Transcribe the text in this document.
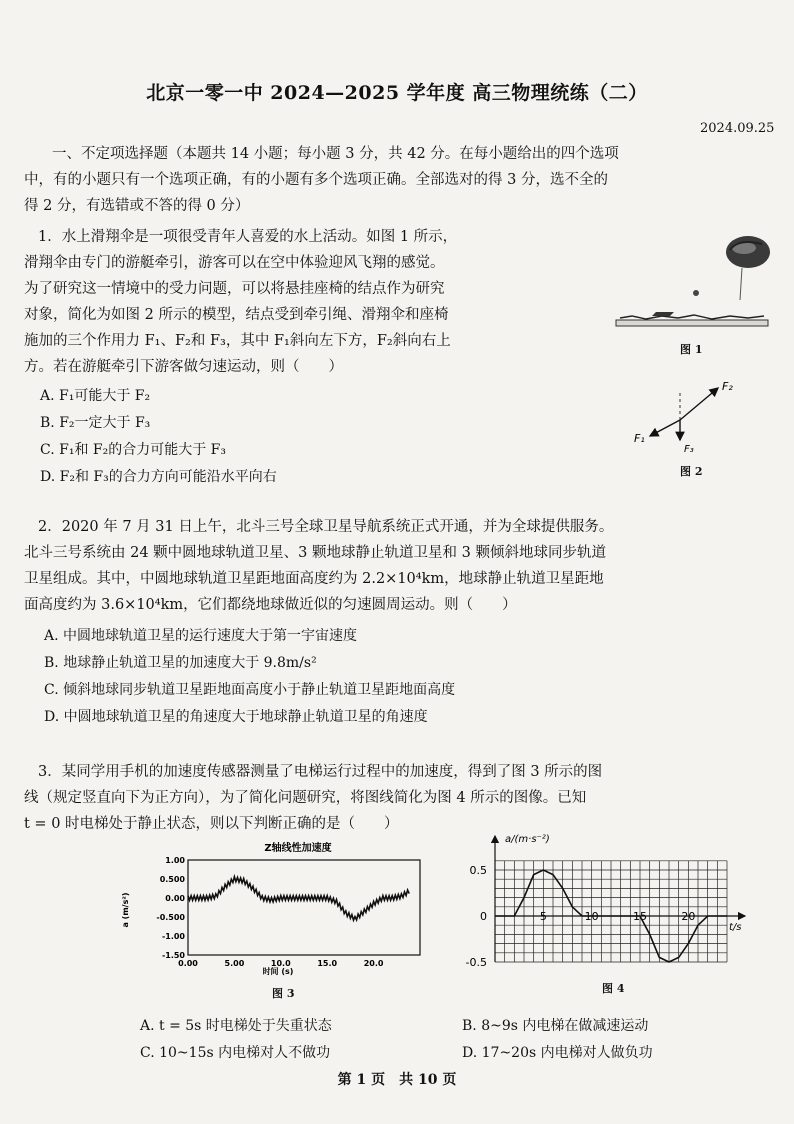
北京一零一中 2024—2025 学年度 高三物理统练（二）
2024.09.25
一、不定项选择题（本题共 14 小题；每小题 3 分，共 42 分。在每小题给出的四个选项
中，有的小题只有一个选项正确，有的小题有多个选项正确。全部选对的得 3 分，选不全的
得 2 分，有选错或不答的得 0 分）
1．水上滑翔伞是一项很受青年人喜爱的水上活动。如图 1 所示，
滑翔伞由专门的游艇牵引，游客可以在空中体验迎风飞翔的感觉。
为了研究这一情境中的受力问题，可以将悬挂座椅的结点作为研究
对象，简化为如图 2 所示的模型，结点受到牵引绳、滑翔伞和座椅
施加的三个作用力 F₁、F₂和 F₃，其中 F₁斜向左下方，F₂斜向右上
方。若在游艇牵引下游客做匀速运动，则（　　）
A. F₁可能大于 F₂
B. F₂一定大于 F₃
C. F₁和 F₂的合力可能大于 F₃
D. F₂和 F₃的合力方向可能沿水平向右
图 1
F₂
F₁
F₃
图 2
2．2020 年 7 月 31 日上午，北斗三号全球卫星导航系统正式开通，并为全球提供服务。
北斗三号系统由 24 颗中圆地球轨道卫星、3 颗地球静止轨道卫星和 3 颗倾斜地球同步轨道
卫星组成。其中，中圆地球轨道卫星距地面高度约为 2.2×10⁴km，地球静止轨道卫星距地
面高度约为 3.6×10⁴km，它们都绕地球做近似的匀速圆周运动。则（　　）
A. 中圆地球轨道卫星的运行速度大于第一宇宙速度
B. 地球静止轨道卫星的加速度大于 9.8m/s²
C. 倾斜地球同步轨道卫星距地面高度小于静止轨道卫星距地面高度
D. 中圆地球轨道卫星的角速度大于地球静止轨道卫星的角速度
3．某同学用手机的加速度传感器测量了电梯运行过程中的加速度，得到了图 3 所示的图
线（规定竖直向下为正方向），为了简化问题研究，将图线简化为图 4 所示的图像。已知
t = 0 时电梯处于静止状态，则以下判断正确的是（　　）
Z轴线性加速度
a (m/s²)
时间 (s)
1.00
0.500
0.00
-0.500
-1.00
-1.50
0.00	5.00	10.0	15.0	20.0
图 3
a/(m·s⁻²)
t/s
0.5
0
-0.5
5	10	15	20
图 4
A. t = 5s 时电梯处于失重状态	B. 8~9s 内电梯在做减速运动
C. 10~15s 内电梯对人不做功	D. 17~20s 内电梯对人做负功
第 1 页　共 10 页
